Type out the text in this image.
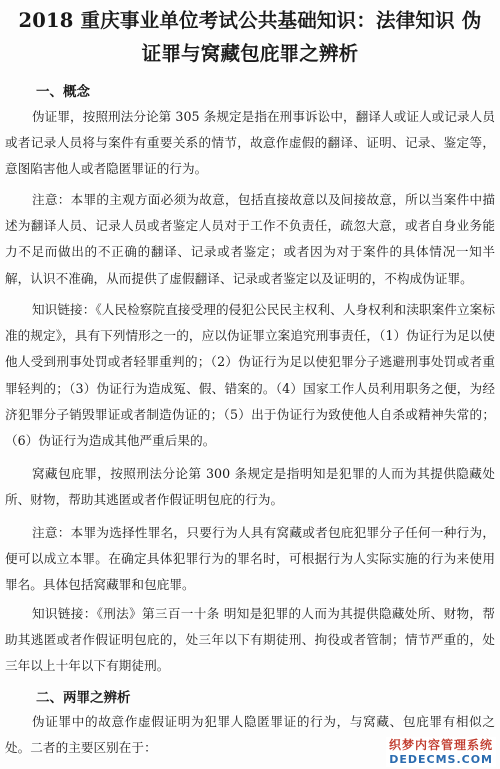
2018 重庆事业单位考试公共基础知识：法律知识 伪
证罪与窝藏包庇罪之辨析
一、概念
伪证罪，按照刑法分论第 305 条规定是指在刑事诉讼中，翻译人或证人或记录人员或者记录人员将与案件有重要关系的情节，故意作虚假的翻译、证明、记录、鉴定等，意图陷害他人或者隐匿罪证的行为。
注意：本罪的主观方面必须为故意，包括直接故意以及间接故意，所以当案件中描述为翻译人员、记录人员或者鉴定人员对于工作不负责任，疏忽大意，或者自身业务能力不足而做出的不正确的翻译、记录或者鉴定；或者因为对于案件的具体情况一知半解，认识不准确，从而提供了虚假翻译、记录或者鉴定以及证明的，不构成伪证罪。
知识链接：《人民检察院直接受理的侵犯公民民主权利、人身权利和渎职案件立案标准的规定》，具有下列情形之一的，应以伪证罪立案追究刑事责任，（1）伪证行为足以使他人受到刑事处罚或者轻罪重判的；（2）伪证行为足以使犯罪分子逃避刑事处罚或者重罪轻判的；（3）伪证行为造成冤、假、错案的。（4）国家工作人员利用职务之便，为经济犯罪分子销毁罪证或者制造伪证的；（5）出于伪证行为致使他人自杀或精神失常的；（6）伪证行为造成其他严重后果的。
窝藏包庇罪，按照刑法分论第 300 条规定是指明知是犯罪的人而为其提供隐藏处所、财物，帮助其逃匿或者作假证明包庇的行为。
注意：本罪为选择性罪名，只要行为人具有窝藏或者包庇犯罪分子任何一种行为，便可以成立本罪。在确定具体犯罪行为的罪名时，可根据行为人实际实施的行为来使用罪名。具体包括窝藏罪和包庇罪。
知识链接：《刑法》第三百一十条 明知是犯罪的人而为其提供隐藏处所、财物，帮助其逃匿或者作假证明包庇的，处三年以下有期徒刑、拘役或者管制；情节严重的，处三年以上十年以下有期徒刑。
二、两罪之辨析
伪证罪中的故意作虚假证明为犯罪人隐匿罪证的行为，与窝藏、包庇罪有相似之处。二者的主要区别在于：	织梦内容管理系统
DEDECMS.COM
